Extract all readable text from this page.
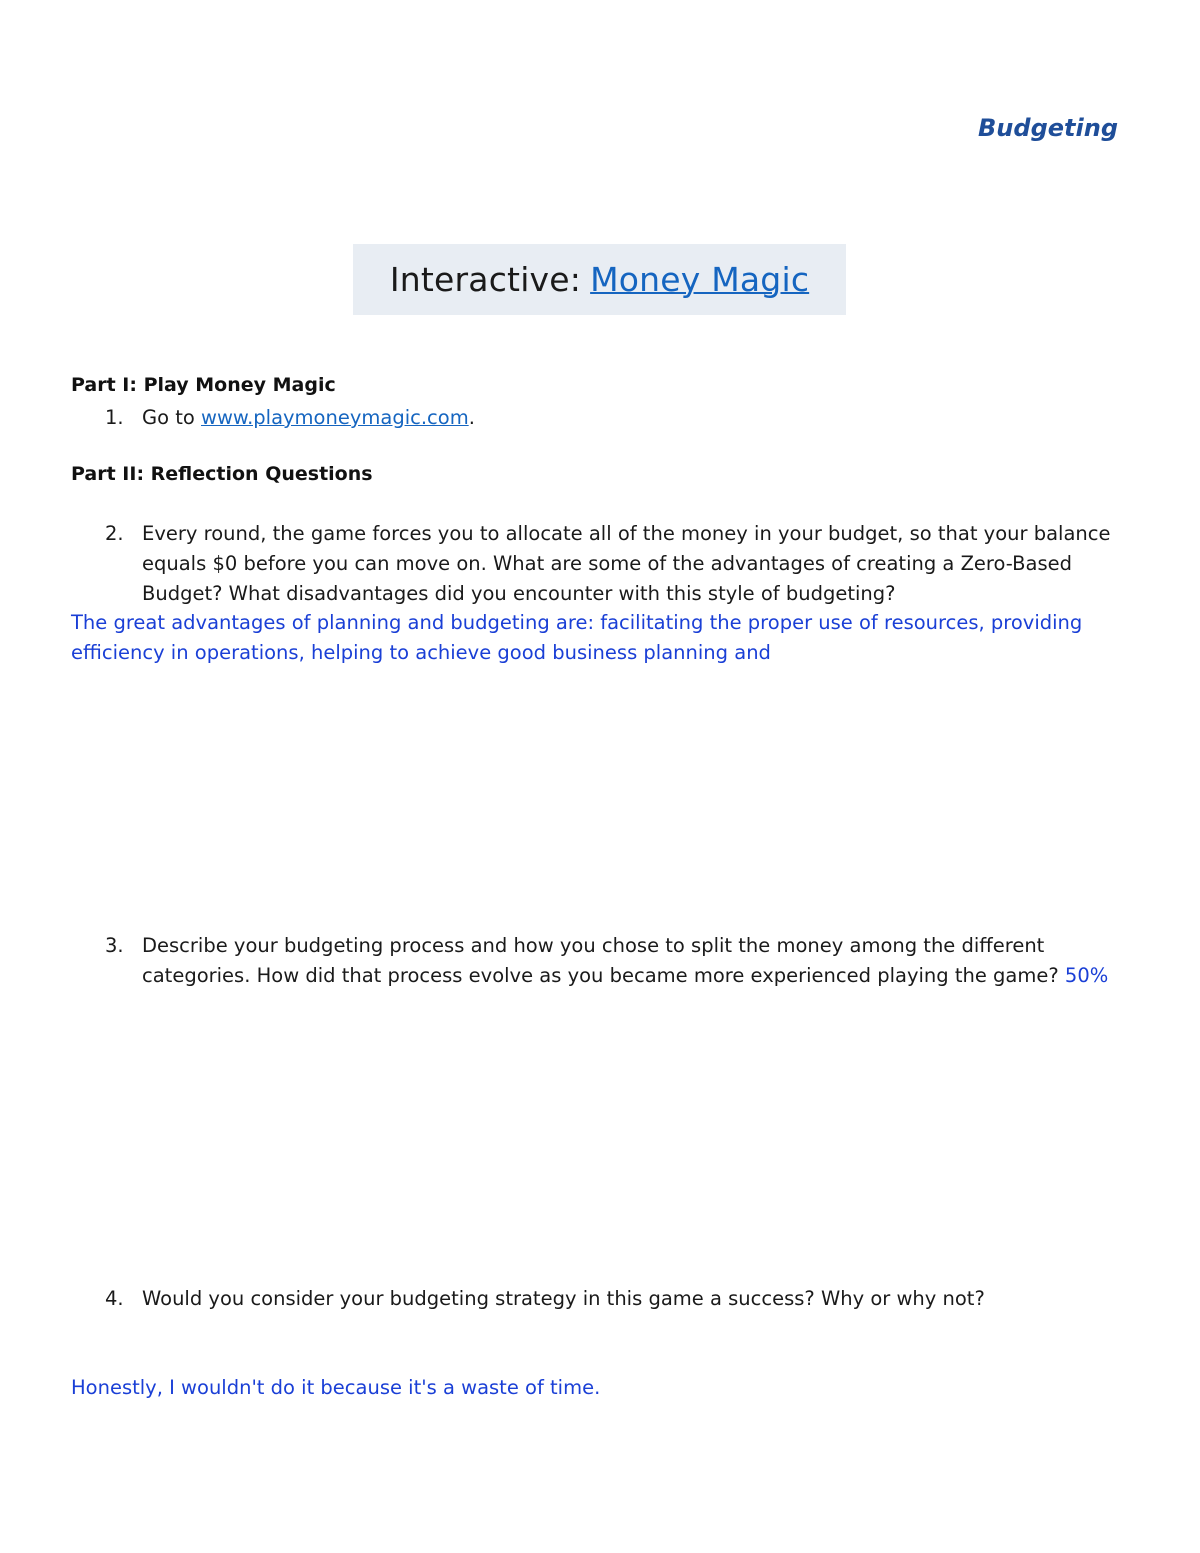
Budgeting
Interactive: Money Magic
Part I: Play Money Magic
1. Go to www.playmoneymagic.com.
Part II: Reflection Questions
2. Every round, the game forces you to allocate all of the money in your budget, so that your balance equals $0 before you can move on. What are some of the advantages of creating a Zero-Based Budget? What disadvantages did you encounter with this style of budgeting?
The great advantages of planning and budgeting are: facilitating the proper use of resources, providing efficiency in operations, helping to achieve good business planning and
3. Describe your budgeting process and how you chose to split the money among the different categories. How did that process evolve as you became more experienced playing the game? 50%
4. Would you consider your budgeting strategy in this game a success? Why or why not?
Honestly, I wouldn't do it because it's a waste of time.
